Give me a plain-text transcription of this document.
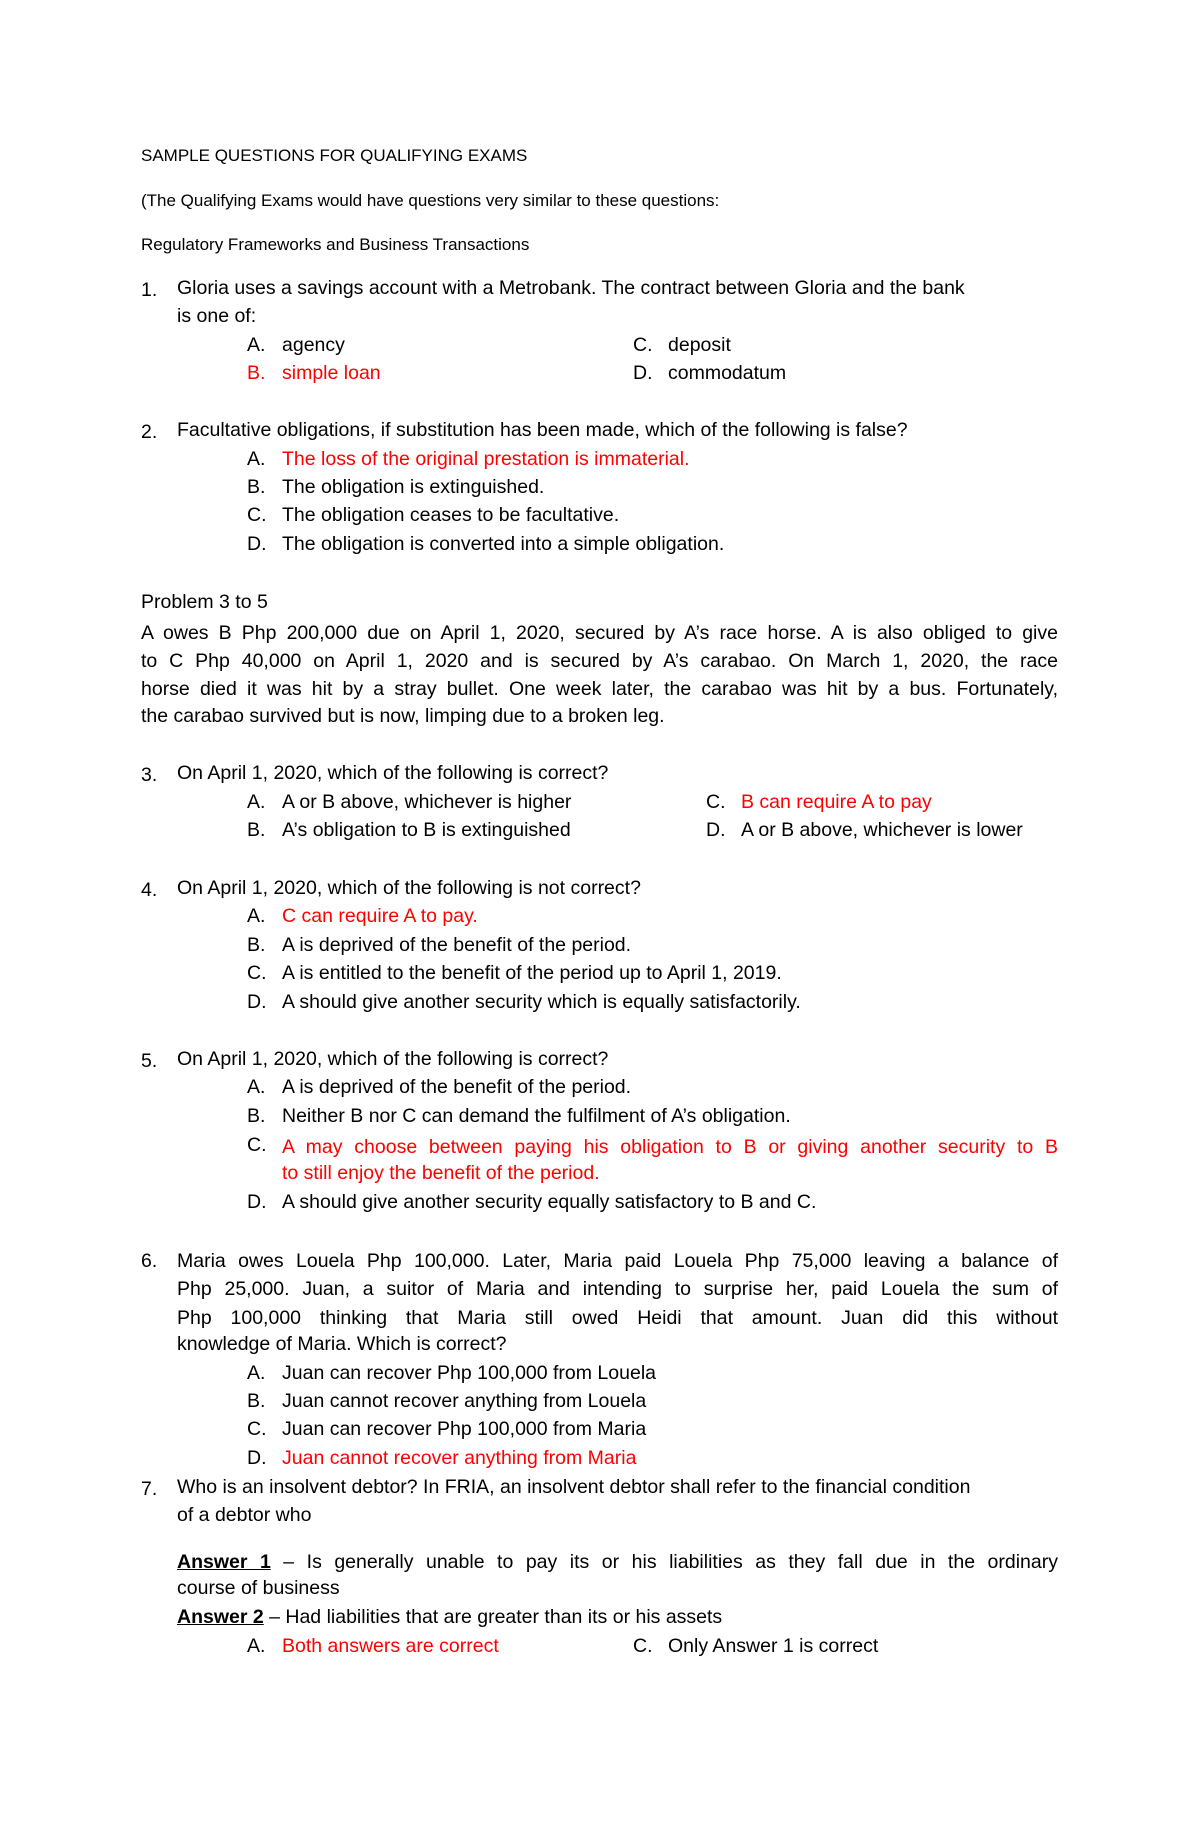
SAMPLE QUESTIONS FOR QUALIFYING EXAMS
(The Qualifying Exams would have questions very similar to these questions:
Regulatory Frameworks and Business Transactions
1. Gloria uses a savings account with a Metrobank. The contract between Gloria and the bank
is one of:
A. agency
B. simple loan
C. deposit
D. commodatum
2. Facultative obligations, if substitution has been made, which of the following is false?
A. The loss of the original prestation is immaterial.
B. The obligation is extinguished.
C. The obligation ceases to be facultative.
D. The obligation is converted into a simple obligation.
Problem 3 to 5
A owes B Php 200,000 due on April 1, 2020, secured by A’s race horse. A is also obliged to give
to C Php 40,000 on April 1, 2020 and is secured by A’s carabao. On March 1, 2020, the race
horse died it was hit by a stray bullet. One week later, the carabao was hit by a bus. Fortunately,
the carabao survived but is now, limping due to a broken leg.
3. On April 1, 2020, which of the following is correct?
A. A or B above, whichever is higher
B. A’s obligation to B is extinguished
C. B can require A to pay
D. A or B above, whichever is lower
4. On April 1, 2020, which of the following is not correct?
A. C can require A to pay.
B. A is deprived of the benefit of the period.
C. A is entitled to the benefit of the period up to April 1, 2019.
D. A should give another security which is equally satisfactorily.
5. On April 1, 2020, which of the following is correct?
A. A is deprived of the benefit of the period.
B. Neither B nor C can demand the fulfilment of A’s obligation.
C. A may choose between paying his obligation to B or giving another security to B
to still enjoy the benefit of the period.
D. A should give another security equally satisfactory to B and C.
6. Maria owes Louela Php 100,000. Later, Maria paid Louela Php 75,000 leaving a balance of
Php 25,000. Juan, a suitor of Maria and intending to surprise her, paid Louela the sum of
Php 100,000 thinking that Maria still owed Heidi that amount. Juan did this without
knowledge of Maria. Which is correct?
A. Juan can recover Php 100,000 from Louela
B. Juan cannot recover anything from Louela
C. Juan can recover Php 100,000 from Maria
D. Juan cannot recover anything from Maria
7. Who is an insolvent debtor? In FRIA, an insolvent debtor shall refer to the financial condition
of a debtor who
Answer 1 – Is generally unable to pay its or his liabilities as they fall due in the ordinary
course of business
Answer 2 – Had liabilities that are greater than its or his assets
A. Both answers are correct	C. Only Answer 1 is correct
